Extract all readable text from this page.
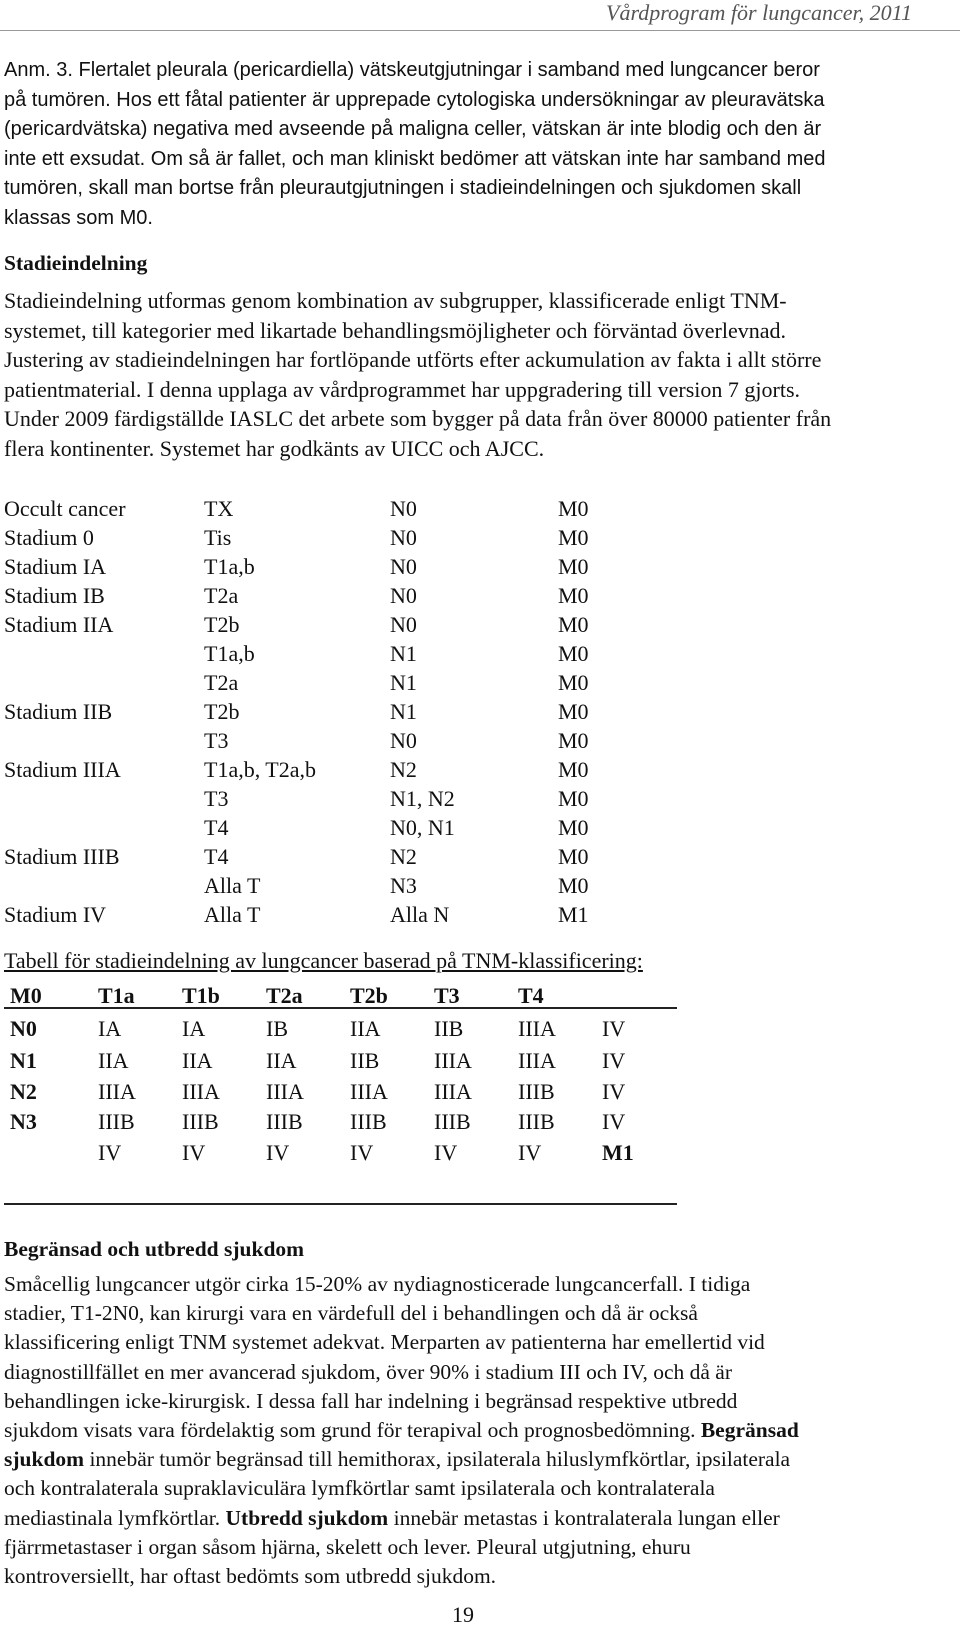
Vårdprogram för lungcancer, 2011
Anm. 3. Flertalet pleurala (pericardiella) vätskeutgjutningar i samband med lungcancer beror
på tumören. Hos ett fåtal patienter är upprepade cytologiska undersökningar av pleuravätska
(pericardvätska) negativa med avseende på maligna celler, vätskan är inte blodig och den är
inte ett exsudat. Om så är fallet, och man kliniskt bedömer att vätskan inte har samband med
tumören, skall man bortse från pleurautgjutningen i stadieindelningen och sjukdomen skall
klassas som M0.
Stadieindelning
Stadieindelning utformas genom kombination av subgrupper, klassificerade enligt TNM-
systemet, till kategorier med likartade behandlingsmöjligheter och förväntad överlevnad.
Justering av stadieindelningen har fortlöpande utförts efter ackumulation av fakta i allt större
patientmaterial. I denna upplaga av vårdprogrammet har uppgradering till version 7 gjorts.
Under 2009 färdigställde IASLC det arbete som bygger på data från över 80000 patienter från
flera kontinenter. Systemet har godkänts av UICC och AJCC.
Occult cancer	TX	N0	M0
Stadium 0	Tis	N0	M0
Stadium IA	T1a,b	N0	M0
Stadium IB	T2a	N0	M0
Stadium IIA	T2b	N0	M0
	T1a,b	N1	M0
	T2a	N1	M0
Stadium IIB	T2b	N1	M0
	T3	N0	M0
Stadium IIIA	T1a,b, T2a,b	N2	M0
	T3	N1, N2	M0
	T4	N0, N1	M0
Stadium IIIB	T4	N2	M0
	Alla T	N3	M0
Stadium IV	Alla T	Alla N	M1
Tabell för stadieindelning av lungcancer baserad på TNM-klassificering:
M0	T1a	T1b	T2a	T2b	T3	T4	
N0	IA	IA	IB	IIA	IIB	IIIA	IV
N1	IIA	IIA	IIA	IIB	IIIA	IIIA	IV
N2	IIIA	IIIA	IIIA	IIIA	IIIA	IIIB	IV
N3	IIIB	IIIB	IIIB	IIIB	IIIB	IIIB	IV
	IV	IV	IV	IV	IV	IV	M1
Begränsad och utbredd sjukdom
Småcellig lungcancer utgör cirka 15-20% av nydiagnosticerade lungcancerfall. I tidiga
stadier, T1-2N0, kan kirurgi vara en värdefull del i behandlingen och då är också
klassificering enligt TNM systemet adekvat. Merparten av patienterna har emellertid vid
diagnostillfället en mer avancerad sjukdom, över 90% i stadium III och IV, och då är
behandlingen icke-kirurgisk. I dessa fall har indelning i begränsad respektive utbredd
sjukdom visats vara fördelaktig som grund för terapival och prognosbedömning. Begränsad
sjukdom innebär tumör begränsad till hemithorax, ipsilaterala hiluslymfkörtlar, ipsilaterala
och kontralaterala supraklaviculära lymfkörtlar samt ipsilaterala och kontralaterala
mediastinala lymfkörtlar. Utbredd sjukdom innebär metastas i kontralaterala lungan eller
fjärrmetastaser i organ såsom hjärna, skelett och lever. Pleural utgjutning, ehuru
kontroversiellt, har oftast bedömts som utbredd sjukdom.
19
